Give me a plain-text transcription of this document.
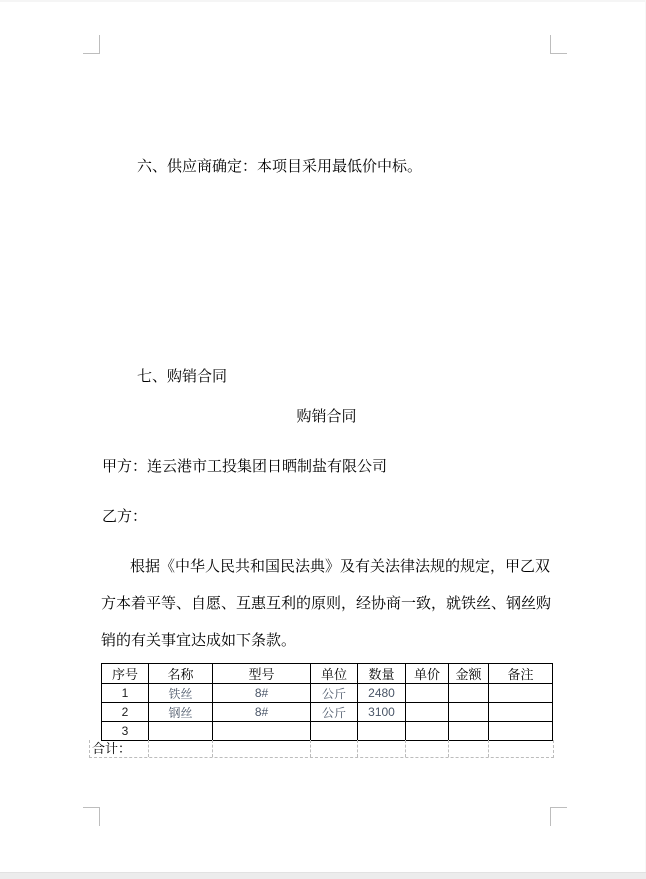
六、供应商确定：本项目采用最低价中标。
七、购销合同
购销合同
甲方：连云港市工投集团日晒制盐有限公司
乙方：
根据《中华人民共和国民法典》及有关法律法规的规定，甲乙双
方本着平等、自愿、互惠互利的原则，经协商一致，就铁丝、钢丝购
销的有关事宜达成如下条款。
序号	名称	型号	单位	数量	单价	金额	备注
1	铁丝	8#	公斤	2480			
2	钢丝	8#	公斤	3100			
3							
合计：
